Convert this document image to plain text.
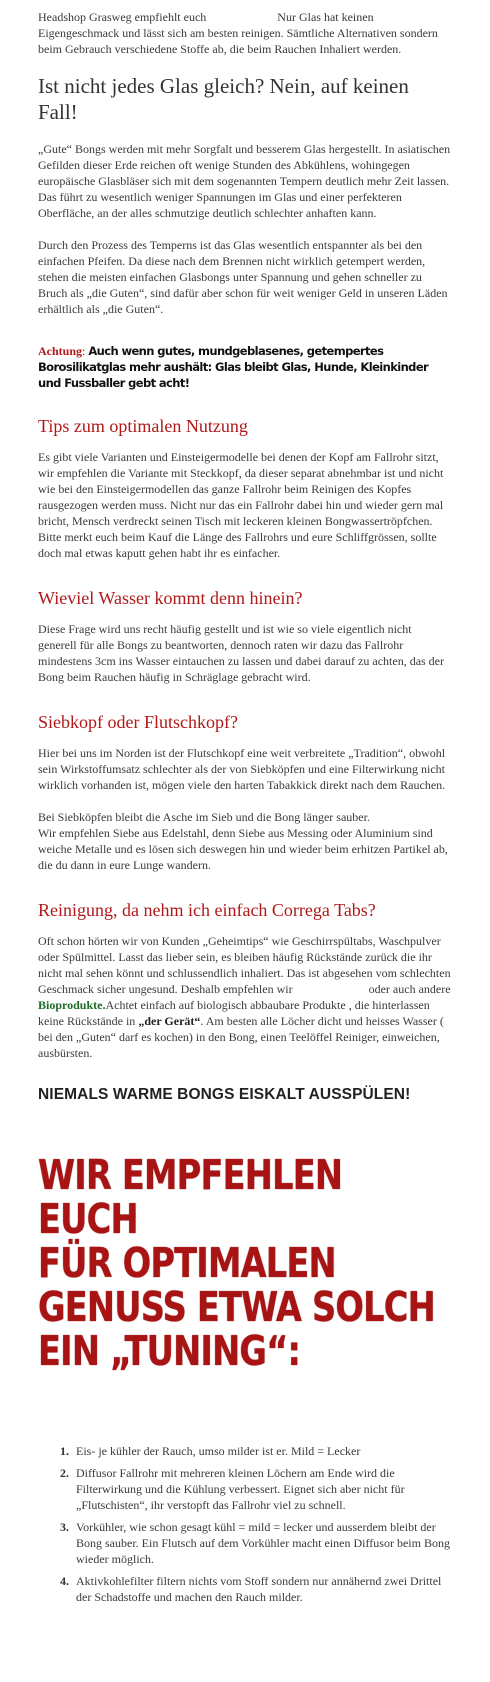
Headshop Grasweg empfiehlt euch	Nur Glas hat keinen Eigengeschmack und lässt sich am besten reinigen. Sämtliche Alternativen sondern beim Gebrauch verschiedene Stoffe ab, die beim Rauchen Inhaliert werden.

Ist nicht jedes Glas gleich? Nein, auf keinen Fall!

„Gute“ Bongs werden mit mehr Sorgfalt und besserem Glas hergestellt. In asiatischen Gefilden dieser Erde reichen oft wenige Stunden des Abkühlens, wohingegen europäische Glasbläser sich mit dem sogenannten Tempern deutlich mehr Zeit lassen. Das führt zu wesentlich weniger Spannungen im Glas und einer perfekteren Oberfläche, an der alles schmutzige deutlich schlechter anhaften kann.

Durch den Prozess des Temperns ist das Glas wesentlich entspannter als bei den einfachen Pfeifen. Da diese nach dem Brennen nicht wirklich getempert werden, stehen die meisten einfachen Glasbongs unter Spannung und gehen schneller zu Bruch als „die Guten“, sind dafür aber schon für weit weniger Geld in unseren Läden erhältlich als „die Guten“.

Achtung: Auch wenn gutes, mundgeblasenes, getempertes Borosilikatglas mehr aushält: Glas bleibt Glas, Hunde, Kleinkinder und Fussballer gebt acht!

Tips zum optimalen Nutzung

Es gibt viele Varianten und Einsteigermodelle bei denen der Kopf am Fallrohr sitzt, wir empfehlen die Variante mit Steckkopf, da dieser separat abnehmbar ist und nicht wie bei den Einsteigermodellen das ganze Fallrohr beim Reinigen des Kopfes rausgezogen werden muss. Nicht nur das ein Fallrohr dabei hin und wieder gern mal bricht, Mensch verdreckt seinen Tisch mit leckeren kleinen Bongwassertröpfchen. Bitte merkt euch beim Kauf die Länge des Fallrohrs und eure Schliffgrössen, sollte doch mal etwas kaputt gehen habt ihr es einfacher.

Wieviel Wasser kommt denn hinein?

Diese Frage wird uns recht häufig gestellt und ist wie so viele eigentlich nicht generell für alle Bongs zu beantworten, dennoch raten wir dazu das Fallrohr mindestens 3cm ins Wasser eintauchen zu lassen und dabei darauf zu achten, das der Bong beim Rauchen häufig in Schräglage gebracht wird.

Siebkopf oder Flutschkopf?

Hier bei uns im Norden ist der Flutschkopf eine weit verbreitete „Tradition“, obwohl sein Wirkstoffumsatz schlechter als der von Siebköpfen und eine Filterwirkung nicht wirklich vorhanden ist, mögen viele den harten Tabakkick direkt nach dem Rauchen.

Bei Siebköpfen bleibt die Asche im Sieb und die Bong länger sauber.
Wir empfehlen Siebe aus Edelstahl, denn Siebe aus Messing oder Aluminium sind weiche Metalle und es lösen sich deswegen hin und wieder beim erhitzen Partikel ab, die du dann in eure Lunge wandern.

Reinigung, da nehm ich einfach Correga Tabs?

Oft schon hörten wir von Kunden „Geheimtips“ wie Geschirrspültabs, Waschpulver oder Spülmittel. Lasst das lieber sein, es bleiben häufig Rückstände zurück die ihr nicht mal sehen könnt und schlussendlich inhaliert. Das ist abgesehen vom schlechten Geschmack sicher ungesund. Deshalb empfehlen wir	oder auch andere Bioprodukte.Achtet einfach auf biologisch abbaubare Produkte , die hinterlassen keine Rückstände in „der Gerät“. Am besten alle Löcher dicht und heisses Wasser ( bei den „Guten“ darf es kochen) in den Bong, einen Teelöffel Reiniger, einweichen, ausbürsten.

NIEMALS WARME BONGS EISKALT AUSSPÜLEN!
WIR EMPFEHLEN EUCH
FÜR OPTIMALEN
GENUSS ETWA SOLCH
EIN „TUNING“:
1. Eis- je kühler der Rauch, umso milder ist er. Mild = Lecker
2. Diffusor Fallrohr mit mehreren kleinen Löchern am Ende wird die Filterwirkung und die Kühlung verbessert. Eignet sich aber nicht für „Flutschisten“, ihr verstopft das Fallrohr viel zu schnell.
3. Vorkühler, wie schon gesagt kühl = mild = lecker und ausserdem bleibt der Bong sauber. Ein Flutsch auf dem Vorkühler macht einen Diffusor beim Bong wieder möglich.
4. Aktivkohlefilter filtern nichts vom Stoff sondern nur annähernd zwei Drittel der Schadstoffe und machen den Rauch milder.
